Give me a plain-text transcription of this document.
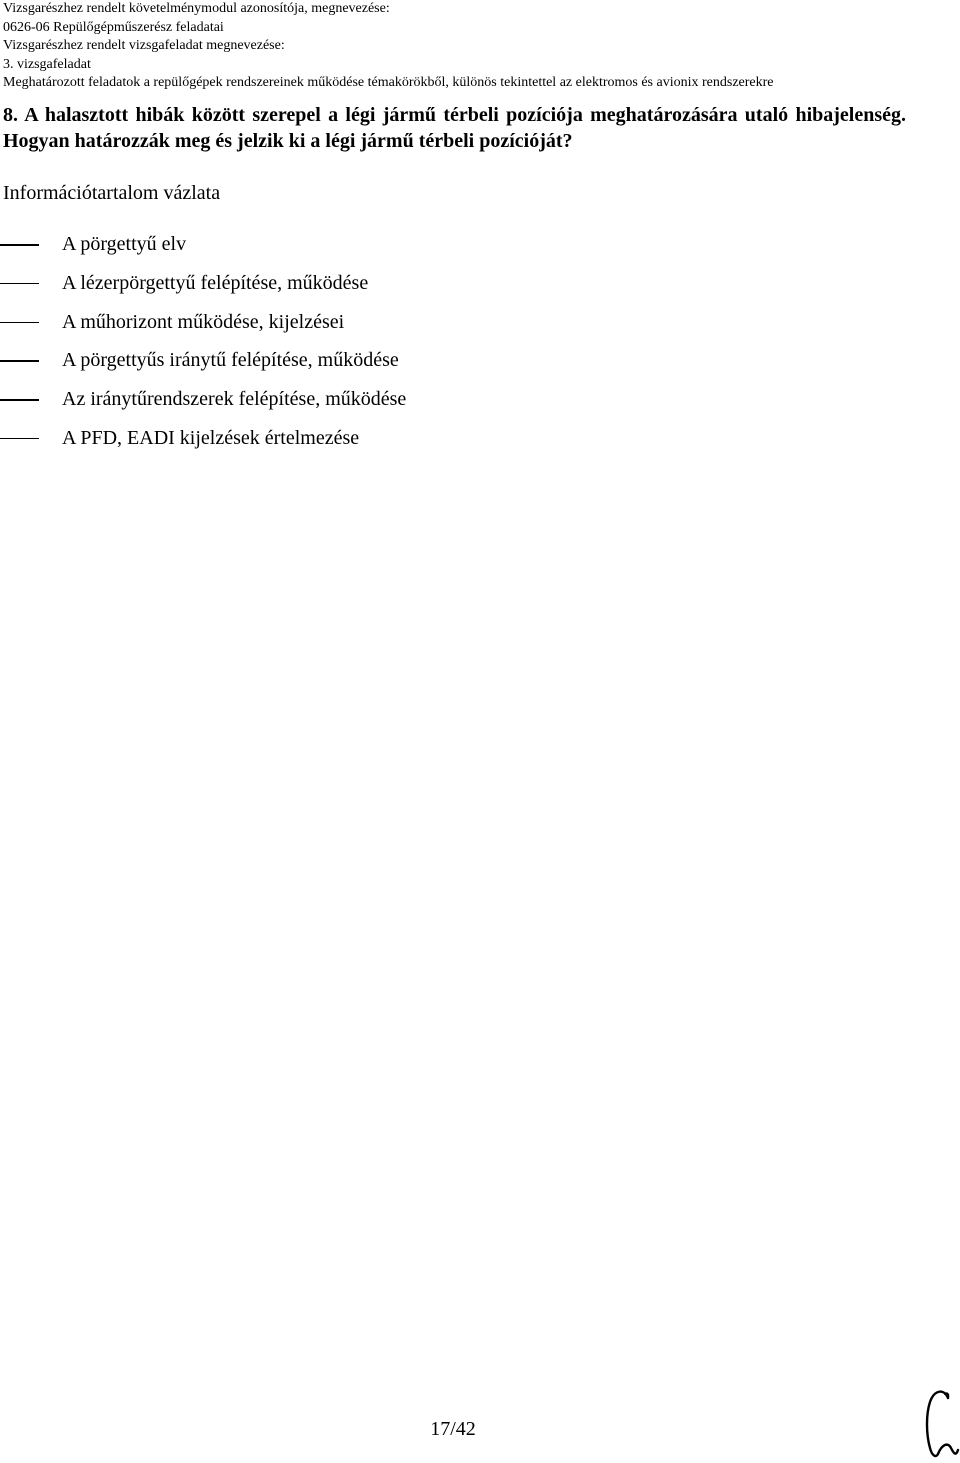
Vizsgarészhez rendelt követelménymodul azonosítója, megnevezése:
0626-06 Repülőgépműszerész feladatai
Vizsgarészhez rendelt vizsgafeladat megnevezése:
3. vizsgafeladat
Meghatározott feladatok a repülőgépek rendszereinek működése témakörökből, különös tekintettel az elektromos és avionix rendszerekre
8. A halasztott hibák között szerepel a légi jármű térbeli pozíciója meghatározására utaló hibajelenség. Hogyan határozzák meg és jelzik ki a légi jármű térbeli pozícióját?
Információtartalom vázlata
A pörgettyű elv
A lézerpörgettyű felépítése, működése
A műhorizont működése, kijelzései
A pörgettyűs iránytű felépítése, működése
Az iránytűrendszerek felépítése, működése
A PFD, EADI kijelzések értelmezése
17/42
